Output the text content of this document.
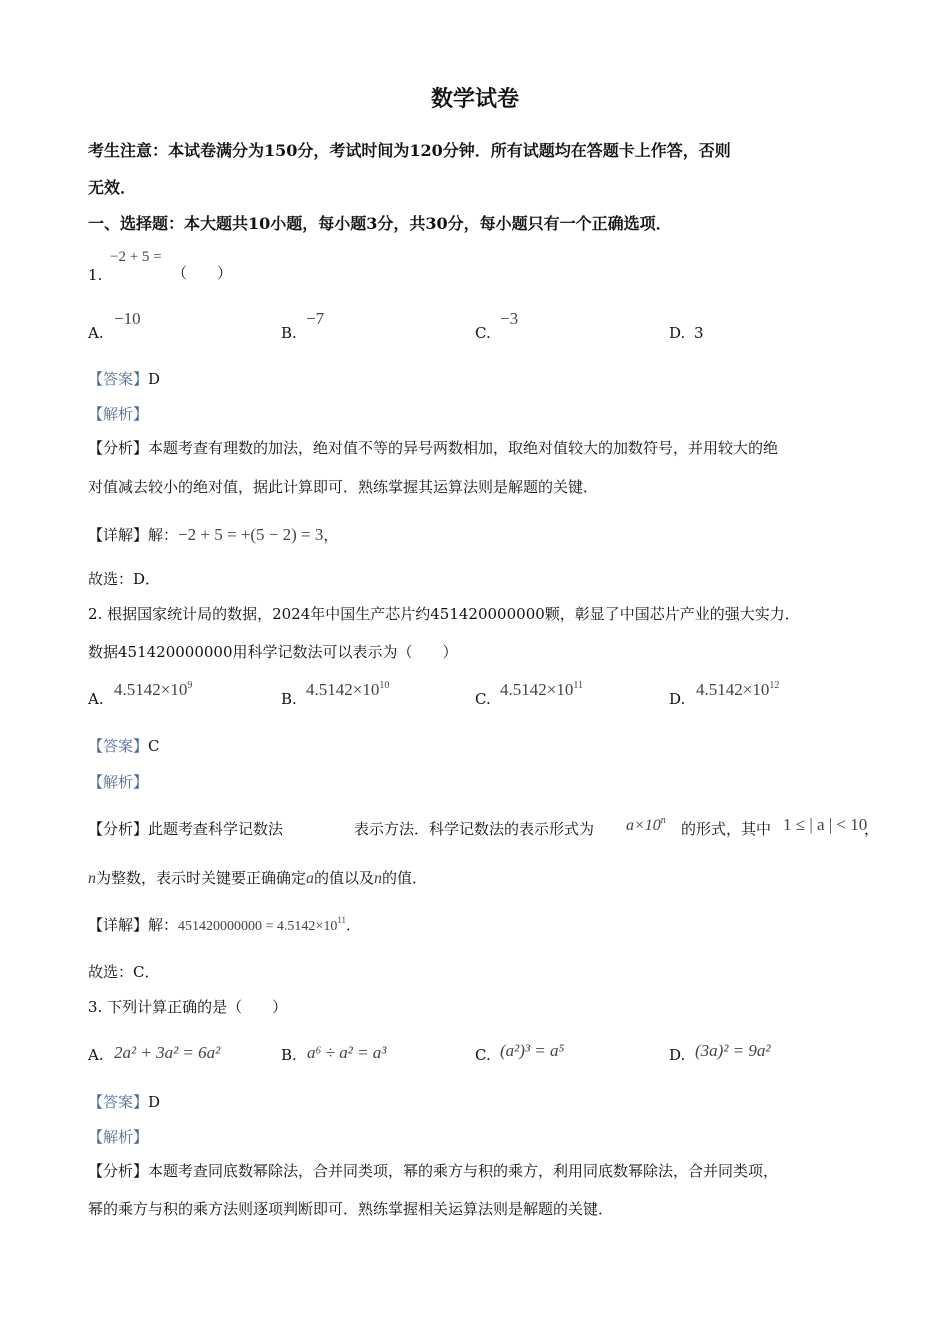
数学试卷
考生注意：本试卷满分为150分，考试时间为120分钟．所有试题均在答题卡上作答，否则
无效．
一、选择题：本大题共10小题，每小题3分，共30分，每小题只有一个正确选项．
−2 + 5 =
1.	（　　）
A.
−10
B.
−7
C.
−3
D. 3
【答案】D
【解析】
【分析】本题考查有理数的加法，绝对值不等的异号两数相加，取绝对值较大的加数符号，并用较大的绝
对值减去较小的绝对值，据此计算即可．熟练掌握其运算法则是解题的关键．
【详解】解：−2 + 5 = +(5 − 2) = 3，
故选：D．
2. 根据国家统计局的数据，2024年中国生产芯片约451420000000颗，彰显了中国芯片产业的强大实力．
数据451420000000用科学记数法可以表示为（　　）
A. $4.5142\times 10^9$
B. $4.5142\times 10^{10}$
C. $4.5142\times 10^{11}$
D. $4.5142\times 10^{12}$
【答案】C
【解析】
【分析】此题考查科学记数法	表示方法．科学记数法的表示形式为 $a\times 10^n$ 的形式，其中 1 ≤ | a | < 10
，
n为整数，表示时关键要正确确定a的值以及n的值．
【详解】解：$451420000000 = 4.5142\times 10^{11}$．
故选：C．
3. 下列计算正确的是（　　）
A. 2a² + 3a² = 6a²	B. a⁶ ÷ a² = a³	C. (a²)³ = a⁵	D. (3a)² = 9a²
【答案】D
【解析】
【分析】本题考查同底数幂除法，合并同类项，幂的乘方与积的乘方，利用同底数幂除法，合并同类项，
幂的乘方与积的乘方法则逐项判断即可．熟练掌握相关运算法则是解题的关键．
